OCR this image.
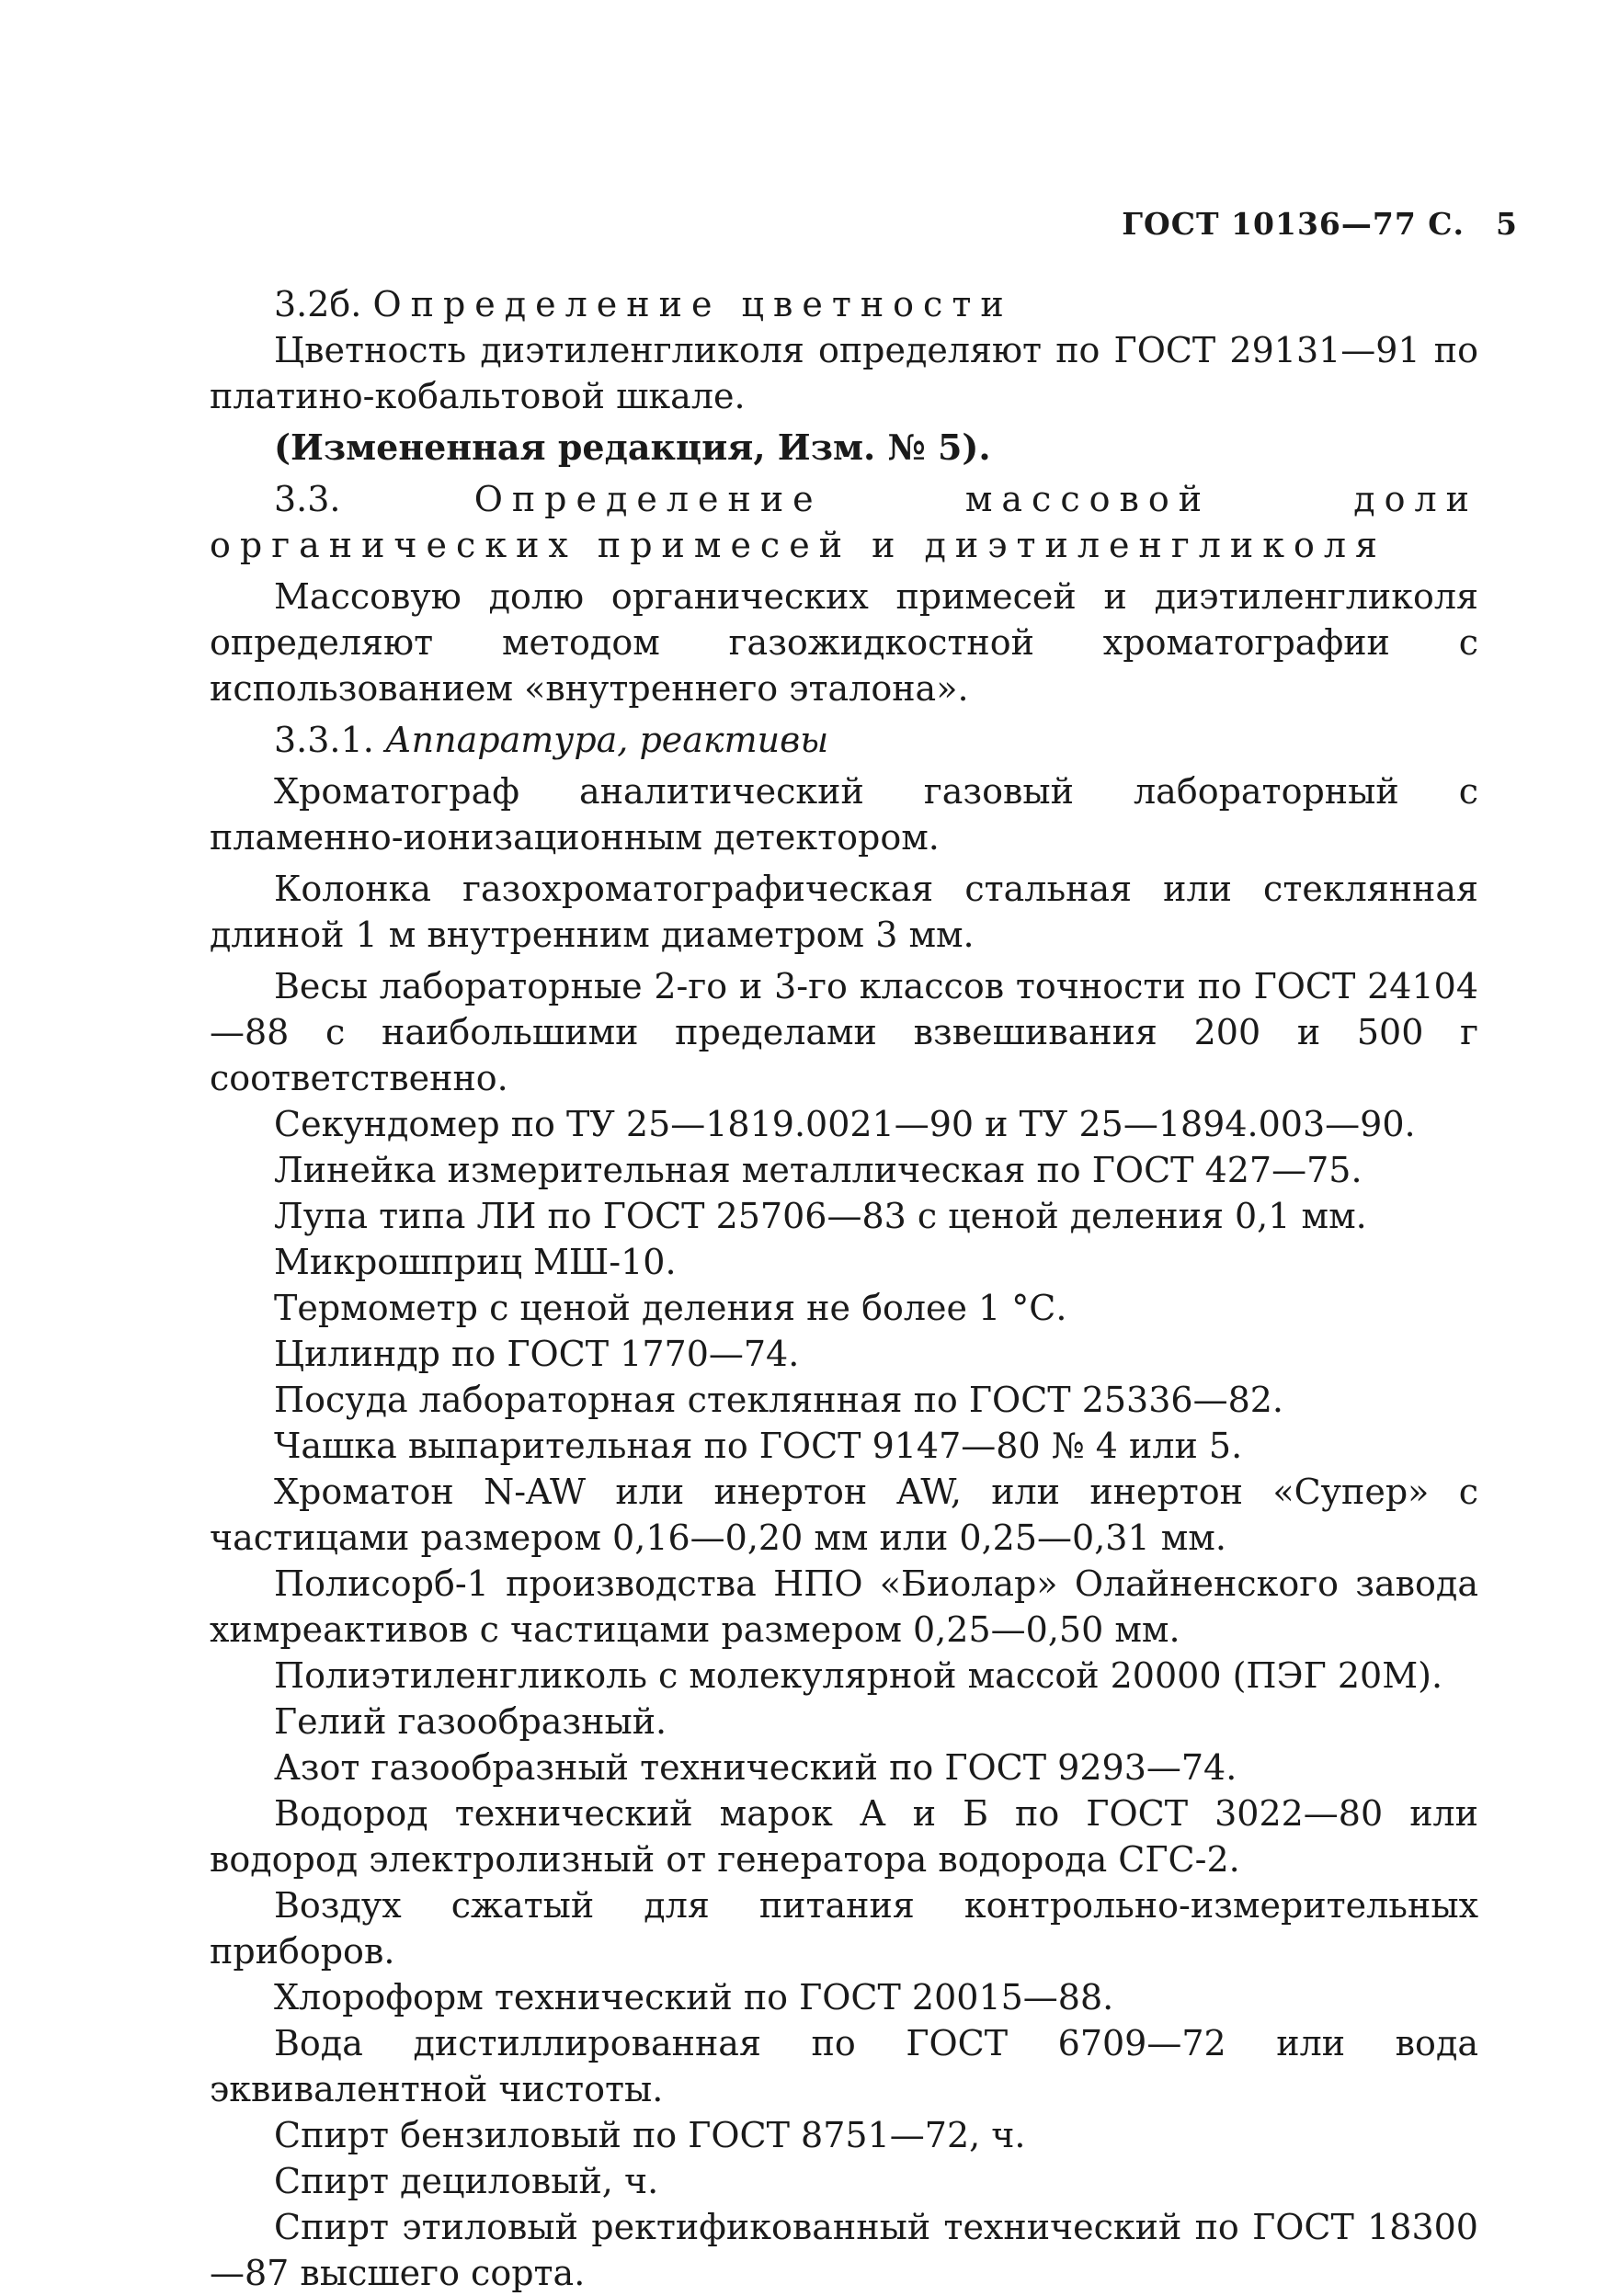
ГОСТ 10136—77 С. 5
3.2б. Определение цветности
Цветность диэтиленгликоля определяют по ГОСТ 29131—91 по платино-кобальтовой шкале.
(Измененная редакция, Изм. № 5).
3.3.	Определение массовой доли органических примесей и диэтиленгликоля
Массовую долю органических примесей и диэтиленгликоля определяют методом газожидкостной хроматографии с использованием «внутреннего эталона».
3.3.1. Аппаратура, реактивы
Хроматограф аналитический газовый лабораторный с пламенно-ионизационным детектором.
Колонка газохроматографическая стальная или стеклянная длиной 1 м внутренним диаметром 3 мм.
Весы лабораторные 2-го и 3-го классов точности по ГОСТ 24104—88 с наибольшими пределами взвешивания 200 и 500 г соответственно.
Секундомер по ТУ 25—1819.0021—90 и ТУ 25—1894.003—90.
Линейка измерительная металлическая по ГОСТ 427—75.
Лупа типа ЛИ по ГОСТ 25706—83 с ценой деления 0,1 мм.
Микрошприц МШ-10.
Термометр с ценой деления не более 1 °С.
Цилиндр по ГОСТ 1770—74.
Посуда лабораторная стеклянная по ГОСТ 25336—82.
Чашка выпарительная по ГОСТ 9147—80 № 4 или 5.
Хроматон N-AW или инертон AW, или инертон «Супер» с частицами размером 0,16—0,20 мм или 0,25—0,31 мм.
Полисорб-1 производства НПО «Биолар» Олайненского завода химреактивов с частицами размером 0,25—0,50 мм.
Полиэтиленгликоль с молекулярной массой 20000 (ПЭГ 20М).
Гелий газообразный.
Азот газообразный технический по ГОСТ 9293—74.
Водород технический марок А и Б по ГОСТ 3022—80 или водород электролизный от генератора водорода СГС-2.
Воздух сжатый для питания контрольно-измерительных приборов.
Хлороформ технический по ГОСТ 20015—88.
Вода дистиллированная по ГОСТ 6709—72 или вода эквивалентной чистоты.
Спирт бензиловый по ГОСТ 8751—72, ч.
Спирт дециловый, ч.
Спирт этиловый ректификованный технический по ГОСТ 18300—87 высшего сорта.
